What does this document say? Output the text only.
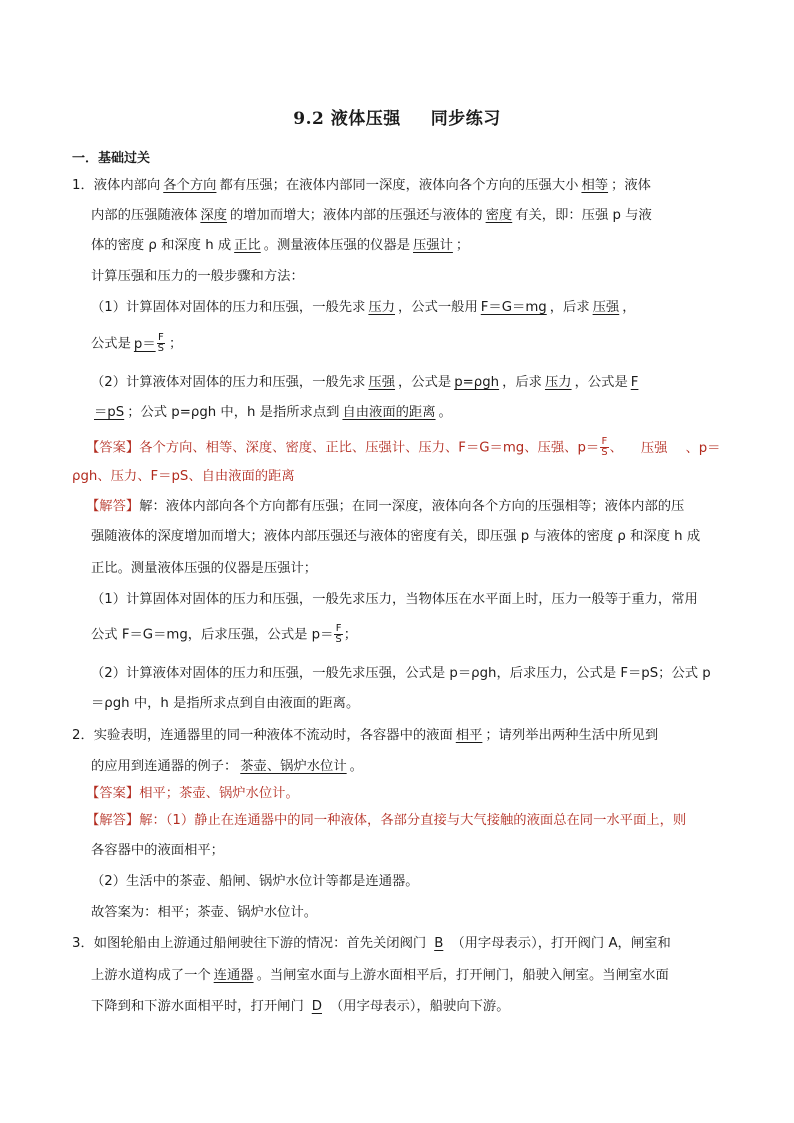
9.2 液体压强 同步练习
一．基础过关
1．液体内部向 各个方向 都有压强；在液体内部同一深度，液体向各个方向的压强大小 相等 ；液体
内部的压强随液体 深度 的增加而增大；液体内部的压强还与液体的 密度 有关，即：压强 p 与液
体的密度 ρ 和深度 h 成 正比 。测量液体压强的仪器是 压强计 ；
计算压强和压力的一般步骤和方法：
（1）计算固体对固体的压力和压强，一般先求 压力 ，公式一般用 F＝G＝mg ，后求 压强 ，
公式是 $p= \frac{F}{S}$ ；
（2）计算液体对固体的压力和压强，一般先求 压强 ，公式是 p=ρgh ，后求 压力 ，公式是 F
＝pS ；公式 p=ρgh 中，h 是指所求点到 自由液面的距离 。
【答案】各个方向、相等、深度、密度、正比、压强计、压力、F＝G＝mg、压强、$p= \frac{F}{S}$ 、 压强 、p＝
ρgh、压力、F＝pS、自由液面的距离
【解答】解：液体内部向各个方向都有压强；在同一深度，液体向各个方向的压强相等；液体内部的压
强随液体的深度增加而增大；液体内部压强还与液体的密度有关，即压强 p 与液体的密度 ρ 和深度 h 成
正比。测量液体压强的仪器是压强计；
（1）计算固体对固体的压力和压强，一般先求压力，当物体压在水平面上时，压力一般等于重力，常用
公式 F＝G＝mg，后求压强，公式是 $p= \frac{F}{S}$ ；
（2）计算液体对固体的压力和压强，一般先求压强，公式是 p＝ρgh，后求压力，公式是 F＝pS；公式 p
＝ρgh 中，h 是指所求点到自由液面的距离。
2．实验表明，连通器里的同一种液体不流动时，各容器中的液面 相平 ；请列举出两种生活中所见到
的应用到连通器的例子： 茶壶、锅炉水位计 。
【答案】相平；茶壶、锅炉水位计。
【解答】解：（1）静止在连通器中的同一种液体，各部分直接与大气接触的液面总在同一水平面上，则
各容器中的液面相平；
（2）生活中的茶壶、船闸、锅炉水位计等都是连通器。
故答案为：相平；茶壶、锅炉水位计。
3．如图轮船由上游通过船闸驶往下游的情况：首先关闭阀门 B （用字母表示），打开阀门 A，闸室和
上游水道构成了一个 连通器 。当闸室水面与上游水面相平后，打开闸门，船驶入闸室。当闸室水面
下降到和下游水面相平时，打开闸门 D （用字母表示），船驶向下游。
